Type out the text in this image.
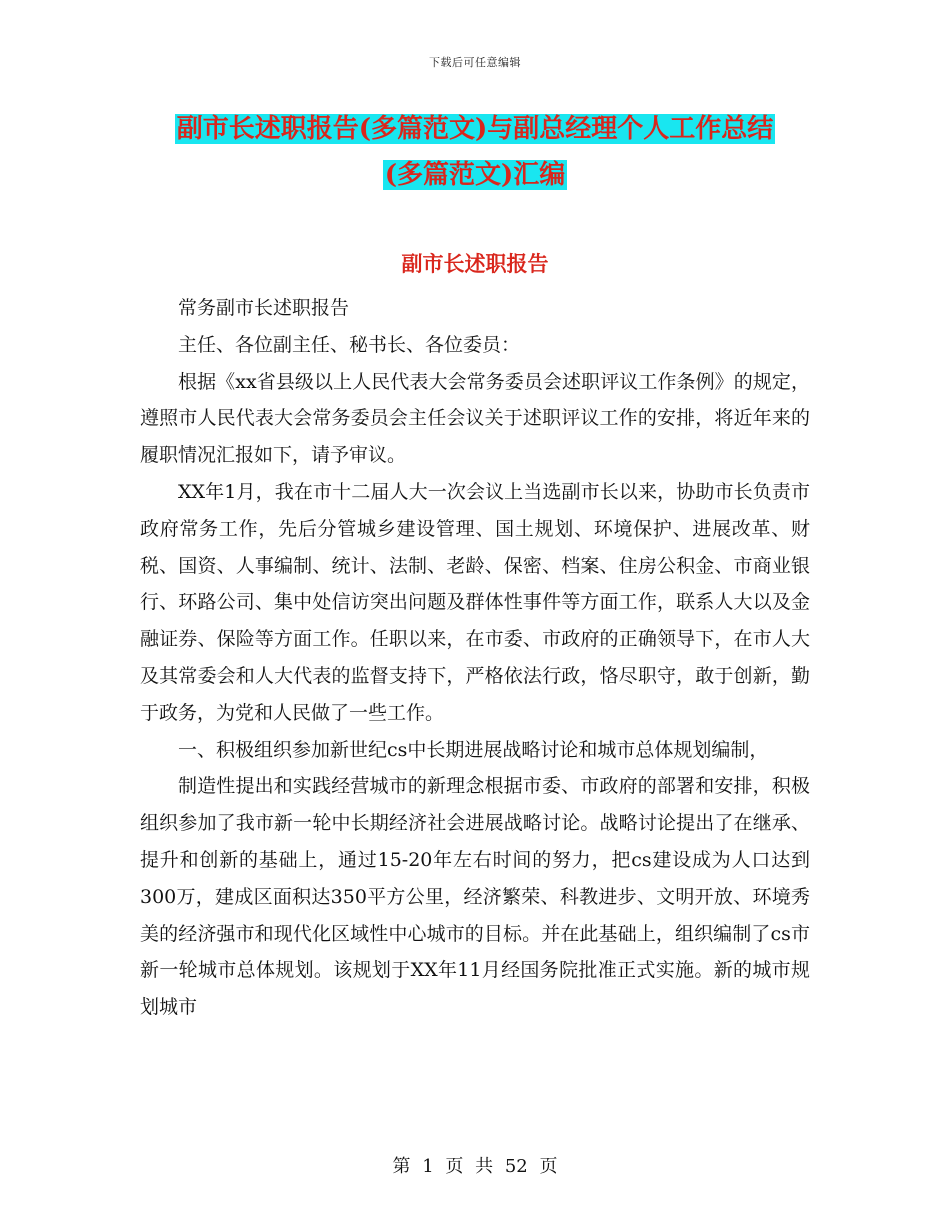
下载后可任意编辑
副市长述职报告(多篇范文)与副总经理个人工作总结
(多篇范文)汇编
副市长述职报告

常务副市长述职报告

主任、各位副主任、秘书长、各位委员：

根据《xx省县级以上人民代表大会常务委员会述职评议工作条例》的规定，遵照市人民代表大会常务委员会主任会议关于述职评议工作的安排，将近年来的履职情况汇报如下，请予审议。

XX年1月，我在市十二届人大一次会议上当选副市长以来，协助市长负责市政府常务工作，先后分管城乡建设管理、国土规划、环境保护、进展改革、财税、国资、人事编制、统计、法制、老龄、保密、档案、住房公积金、市商业银行、环路公司、集中处信访突出问题及群体性事件等方面工作，联系人大以及金融证券、保险等方面工作。任职以来，在市委、市政府的正确领导下，在市人大及其常委会和人大代表的监督支持下，严格依法行政，恪尽职守，敢于创新，勤于政务，为党和人民做了一些工作。

一、积极组织参加新世纪cs中长期进展战略讨论和城市总体规划编制，

制造性提出和实践经营城市的新理念根据市委、市政府的部署和安排，积极组织参加了我市新一轮中长期经济社会进展战略讨论。战略讨论提出了在继承、提升和创新的基础上，通过15-20年左右时间的努力，把cs建设成为人口达到300万，建成区面积达350平方公里，经济繁荣、科教进步、文明开放、环境秀美的经济强市和现代化区域性中心城市的目标。并在此基础上，组织编制了cs市新一轮城市总体规划。该规划于XX年11月经国务院批准正式实施。新的城市规划城市

第 1 页 共 52 页
